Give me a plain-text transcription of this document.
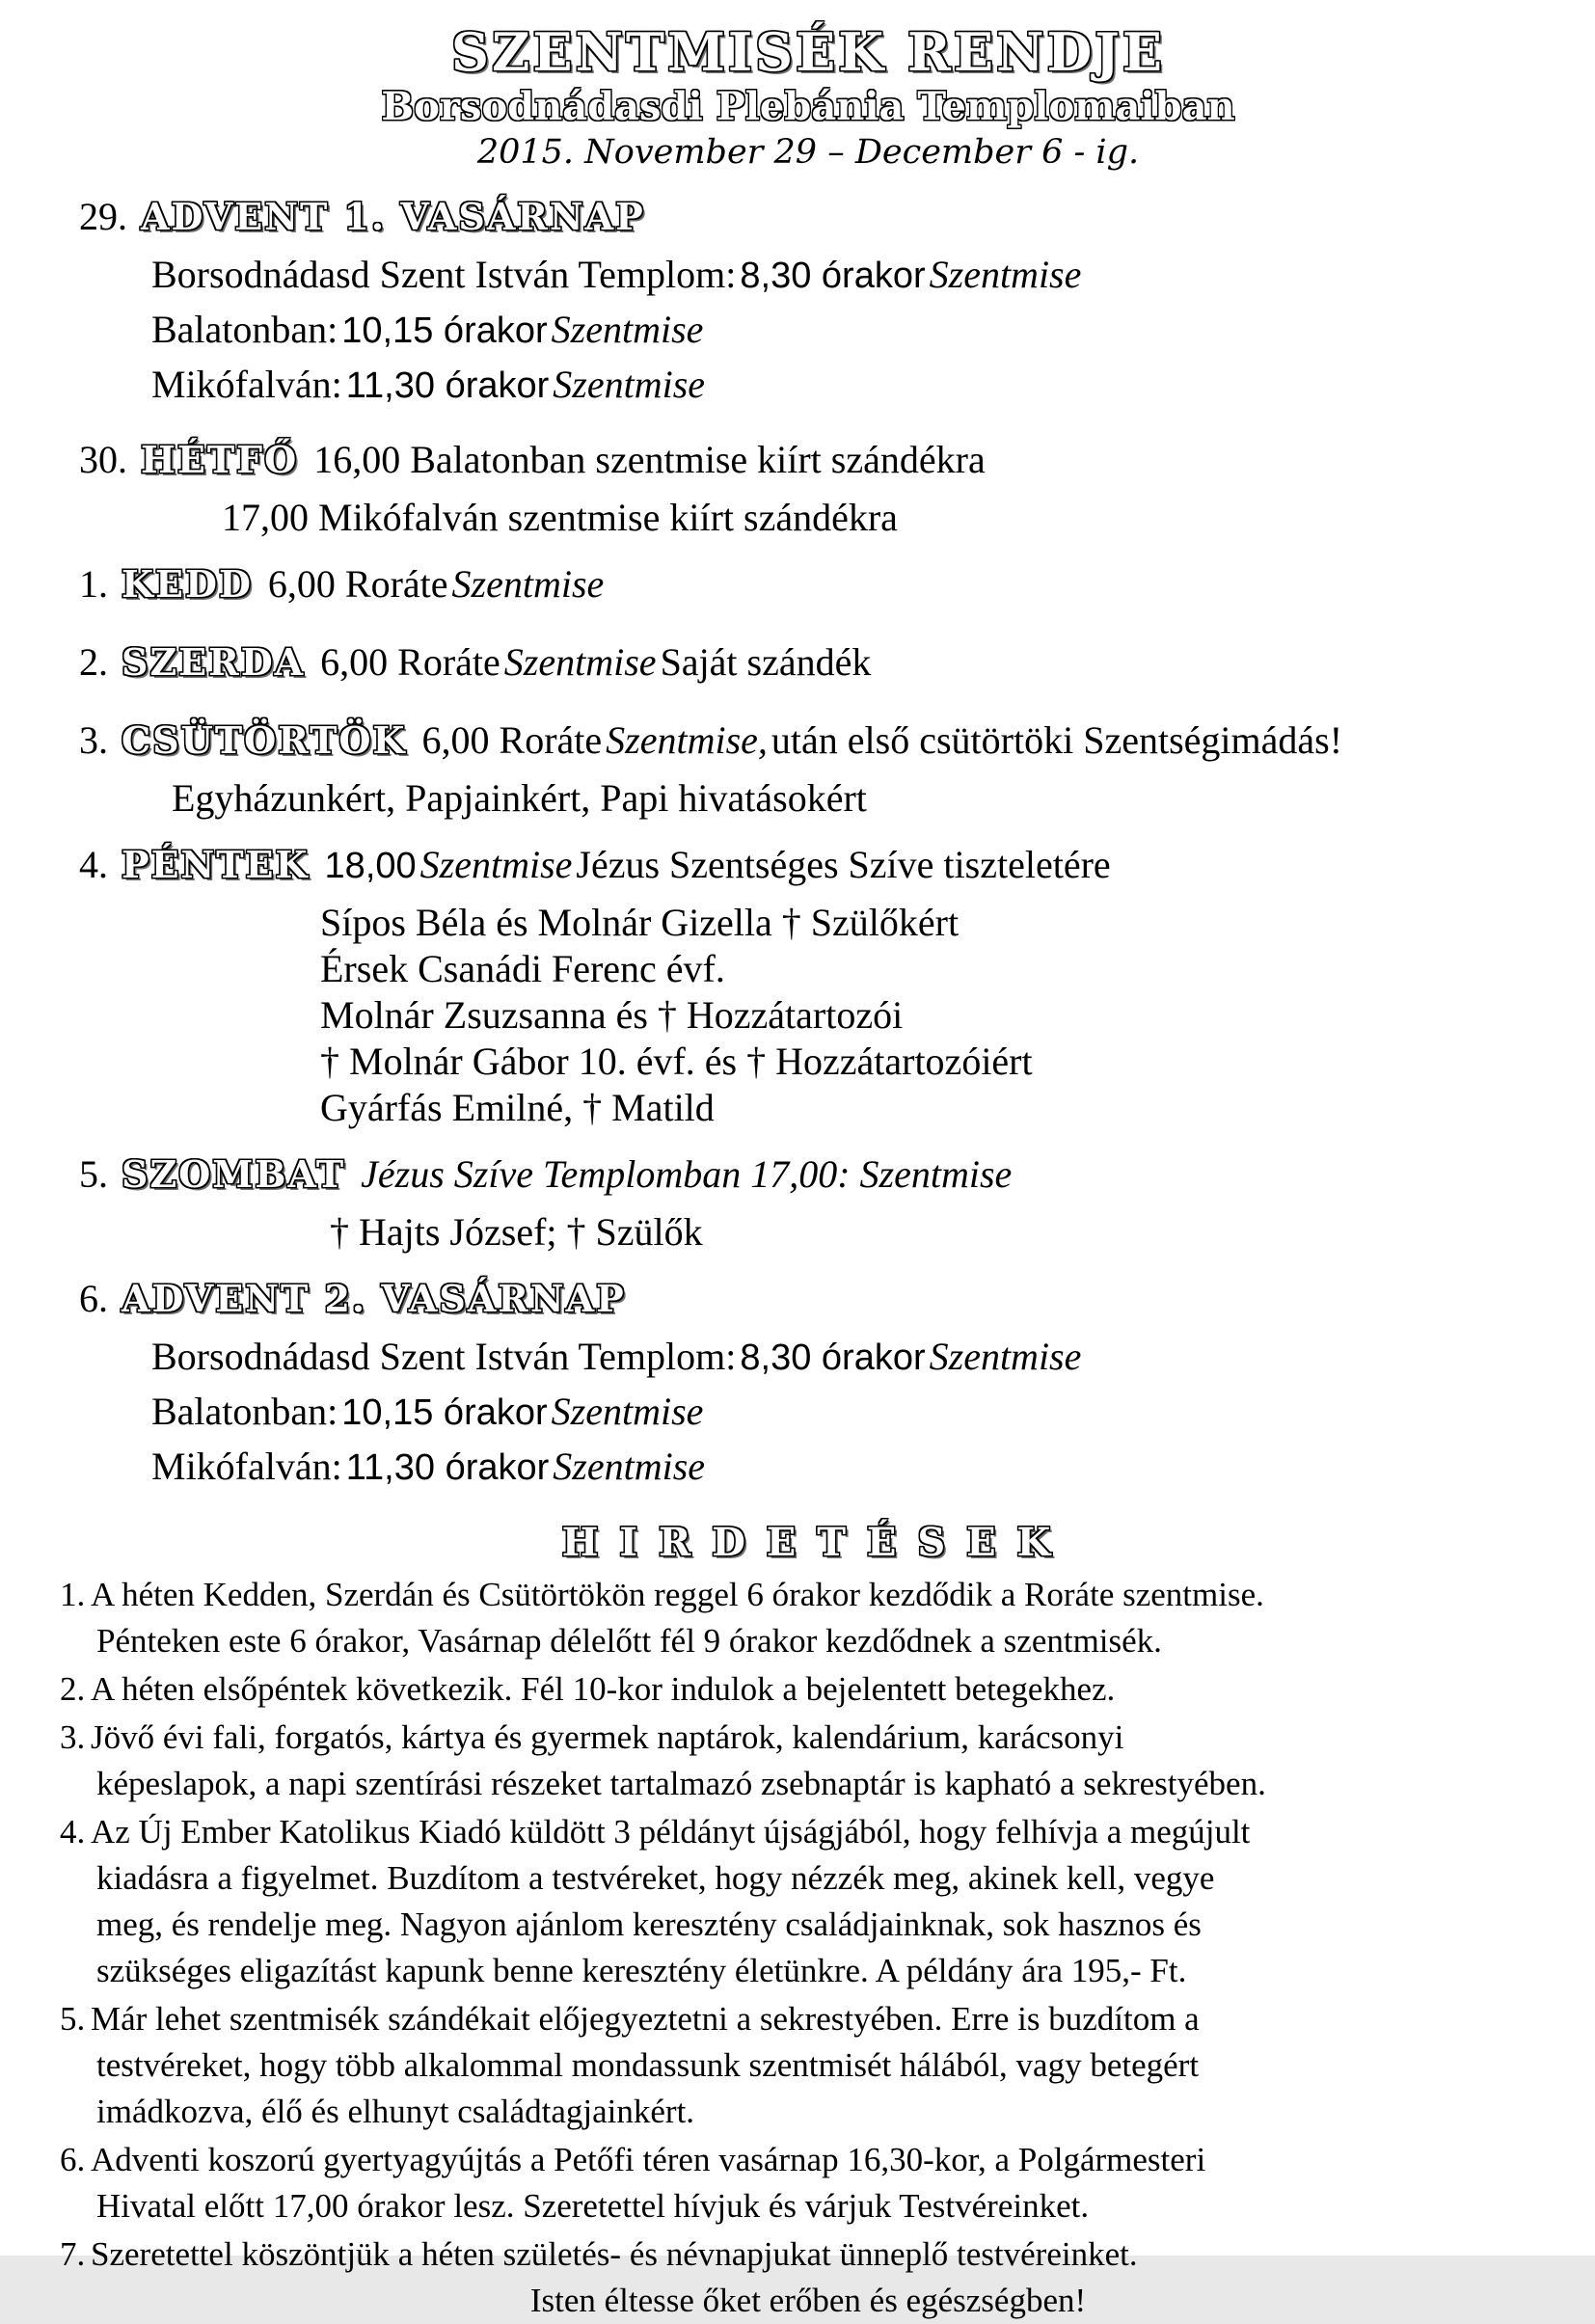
SZENTMISÉK RENDJE
Borsodnádasdi Plebánia Templomaiban
2015. November 29 – December 6 - ig.
29. ADVENT 1. VASÁRNAP
Borsodnádasd Szent István Templom: 8,30 órakor Szentmise
Balatonban: 10,15 órakor Szentmise
Mikófalván: 11,30 órakor Szentmise
30. HÉTFŐ 16,00 Balatonban szentmise kiírt szándékra
17,00 Mikófalván szentmise kiírt szándékra
1. KEDD 6,00 Roráte Szentmise
2. SZERDA 6,00 Roráte Szentmise Saját szándék
3. CSÜTÖRTÖK 6,00 Roráte Szentmise, után első csütörtöki Szentségimádás!
Egyházunkért, Papjainkért, Papi hivatásokért
4. PÉNTEK 18,00 Szentmise Jézus Szentséges Szíve tiszteletére
Sípos Béla és Molnár Gizella † Szülőkért
Érsek Csanádi Ferenc évf.
Molnár Zsuzsanna és † Hozzátartozói
† Molnár Gábor 10. évf. és † Hozzátartozóiért
Gyárfás Emilné, † Matild
5. SZOMBAT Jézus Szíve Templomban 17,00: Szentmise
† Hajts József; † Szülők
6. ADVENT 2. VASÁRNAP
Borsodnádasd Szent István Templom: 8,30 órakor Szentmise
Balatonban: 10,15 órakor Szentmise
Mikófalván: 11,30 órakor Szentmise
H I R D E T É S E K
1. A héten Kedden, Szerdán és Csütörtökön reggel 6 órakor kezdődik a Roráte szentmise.
Pénteken este 6 órakor, Vasárnap délelőtt fél 9 órakor kezdődnek a szentmisék.
2. A héten elsőpéntek következik. Fél 10-kor indulok a bejelentett betegekhez.
3. Jövő évi fali, forgatós, kártya és gyermek naptárok, kalendárium, karácsonyi
képeslapok, a napi szentírási részeket tartalmazó zsebnaptár is kapható a sekrestyében.
4. Az Új Ember Katolikus Kiadó küldött 3 példányt újságjából, hogy felhívja a megújult
kiadásra a figyelmet. Buzdítom a testvéreket, hogy nézzék meg, akinek kell, vegye
meg, és rendelje meg. Nagyon ajánlom keresztény családjainknak, sok hasznos és
szükséges eligazítást kapunk benne keresztény életünkre. A példány ára 195,- Ft.
5. Már lehet szentmisék szándékait előjegyeztetni a sekrestyében. Erre is buzdítom a
testvéreket, hogy több alkalommal mondassunk szentmisét hálából, vagy betegért
imádkozva, élő és elhunyt családtagjainkért.
6. Adventi koszorú gyertyagyújtás a Petőfi téren vasárnap 16,30-kor, a Polgármesteri
Hivatal előtt 17,00 órakor lesz. Szeretettel hívjuk és várjuk Testvéreinket.
7. Szeretettel köszöntjük a héten születés- és névnapjukat ünneplő testvéreinket.
Isten éltesse őket erőben és egészségben!
